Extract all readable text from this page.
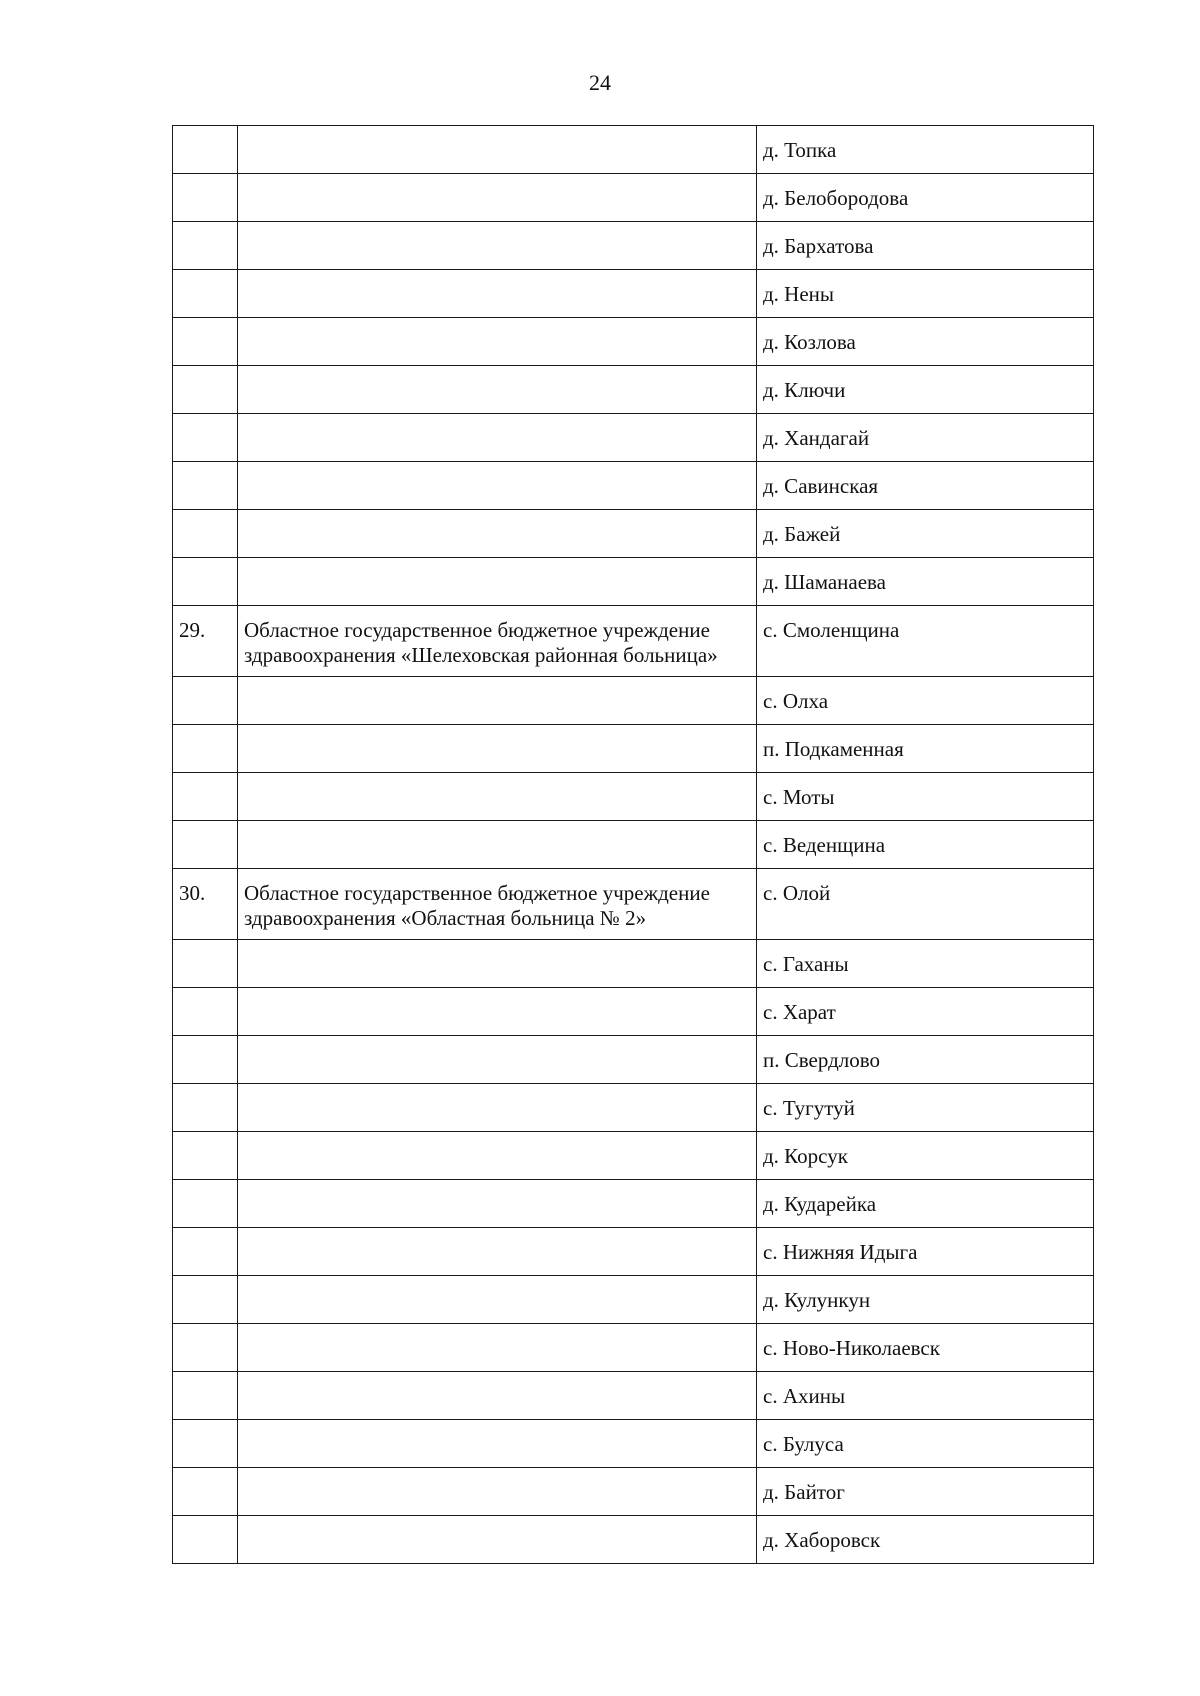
24
		д. Топка
		д. Белобородова
		д. Бархатова
		д. Нены
		д. Козлова
		д. Ключи
		д. Хандагай
		д. Савинская
		д. Бажей
		д. Шаманаева
29.	Областное государственное бюджетное учреждение здравоохранения «Шелеховская районная больница»	с. Смоленщина
		с. Олха
		п. Подкаменная
		с. Моты
		с. Веденщина
30.	Областное государственное бюджетное учреждение здравоохранения «Областная больница № 2»	с. Олой
		с. Гаханы
		с. Харат
		п. Свердлово
		с. Тугутуй
		д. Корсук
		д. Кударейка
		с. Нижняя Идыга
		д. Кулункун
		с. Ново-Николаевск
		с. Ахины
		с. Булуса
		д. Байтог
		д. Хаборовск
